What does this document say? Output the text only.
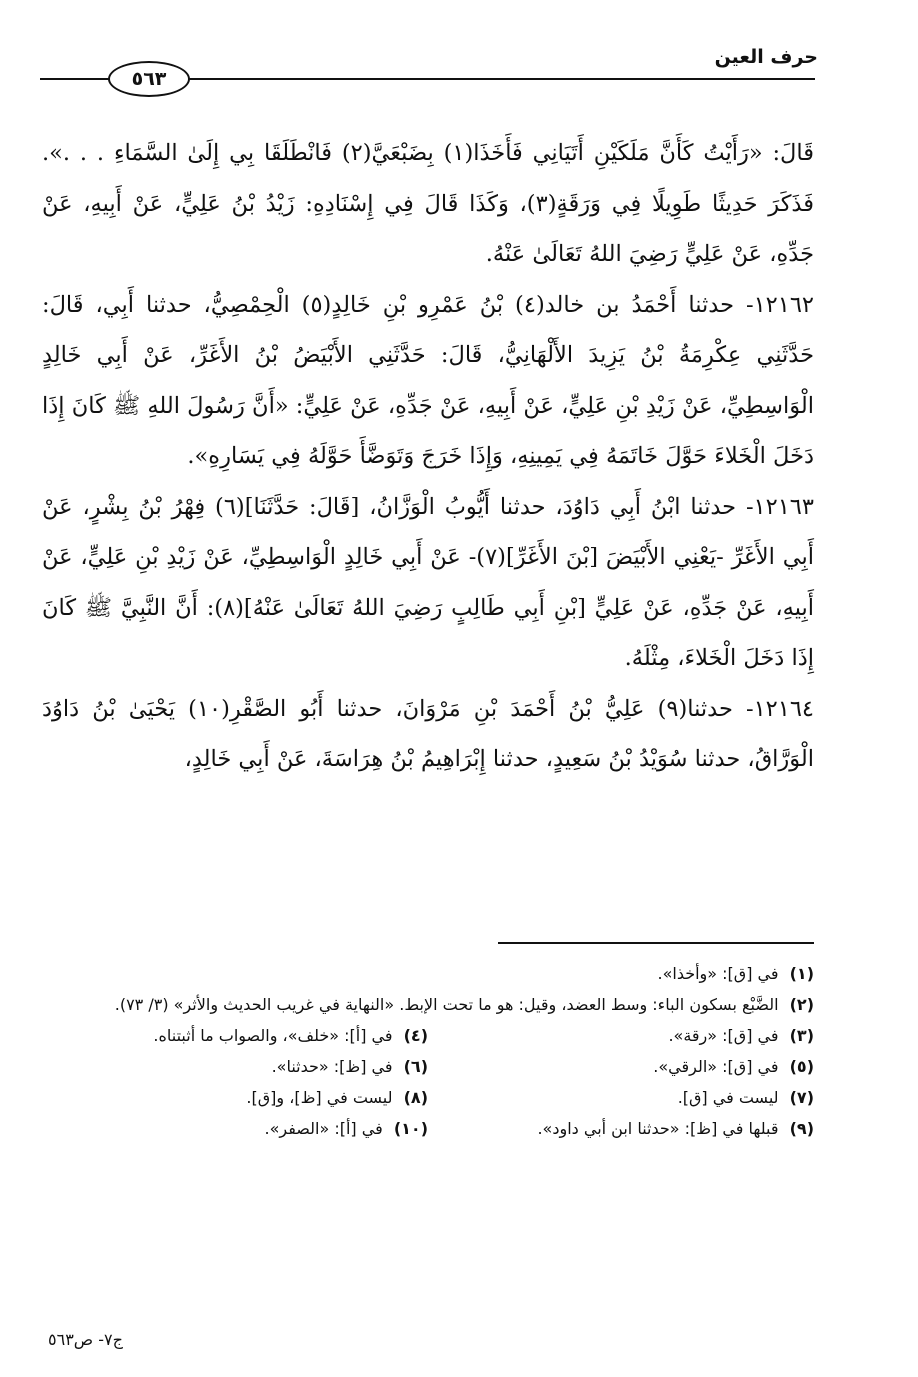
حرف العين
٥٦٣

قَالَ: «رَأَيْتُ كَأَنَّ مَلَكَيْنِ أَتَيَانِي فَأَخَذَا(١) بِضَبْعَيَّ(٢) فَانْطَلَقَا بِي إِلَىٰ السَّمَاءِ . . .». فَذَكَرَ حَدِيثًا طَوِيلًا فِي وَرَقَةٍ(٣)، وَكَذَا قَالَ فِي إِسْنَادِهِ: زَيْدُ بْنُ عَلِيٍّ، عَنْ أَبِيهِ، عَنْ جَدِّهِ، عَنْ عَلِيٍّ رَضِيَ اللهُ تَعَالَىٰ عَنْهُ.

١٢١٦٢- حدثنا أَحْمَدُ بن خالد(٤) بْنُ عَمْرِو بْنِ خَالِدٍ(٥) الْحِمْصِيُّ، حدثنا أَبِي، قَالَ: حَدَّثَنِي عِكْرِمَةُ بْنُ يَزِيدَ الأَلْهَانِيُّ، قَالَ: حَدَّثَنِي الأَبْيَضُ بْنُ الأَغَرِّ، عَنْ أَبِي خَالِدٍ الْوَاسِطِيِّ، عَنْ زَيْدِ بْنِ عَلِيٍّ، عَنْ أَبِيهِ، عَنْ جَدِّهِ، عَنْ عَلِيٍّ: «أَنَّ رَسُولَ اللهِ ﷺ كَانَ إِذَا دَخَلَ الْخَلاءَ حَوَّلَ خَاتَمَهُ فِي يَمِينِهِ، وَإِذَا خَرَجَ وَتَوَضَّأَ حَوَّلَهُ فِي يَسَارِهِ».

١٢١٦٣- حدثنا ابْنُ أَبِي دَاوُدَ، حدثنا أَيُّوبُ الْوَزَّانُ، [قَالَ: حَدَّثَنَا](٦) فِهْرُ بْنُ بِشْرٍ، عَنْ أَبِي الأَغَرِّ -يَعْنِي الأَبْيَضَ [بْنَ الأَغَرِّ](٧)- عَنْ أَبِي خَالِدٍ الْوَاسِطِيِّ، عَنْ زَيْدِ بْنِ عَلِيٍّ، عَنْ أَبِيهِ، عَنْ جَدِّهِ، عَنْ عَلِيٍّ [بْنِ أَبِي طَالِبٍ رَضِيَ اللهُ تَعَالَىٰ عَنْهُ](٨): أَنَّ النَّبِيَّ ﷺ كَانَ إِذَا دَخَلَ الْخَلاءَ، مِثْلَهُ.

١٢١٦٤- حدثنا(٩) عَلِيُّ بْنُ أَحْمَدَ بْنِ مَرْوَانَ، حدثنا أَبُو الصَّقْرِ(١٠) يَحْيَىٰ بْنُ دَاوُدَ الْوَرَّاقُ، حدثنا سُوَيْدُ بْنُ سَعِيدٍ، حدثنا إِبْرَاهِيمُ بْنُ هِرَاسَةَ، عَنْ أَبِي خَالِدٍ،

(١) في [ق]: «وأخذا».

(٢) الضَّبْع بسكون الباء: وسط العضد، وقيل: هو ما تحت الإبط. «النهاية في غريب الحديث والأثر» (٣/ ٧٣).

(٣) في [ق]: «رقة».
(٤) في [أ]: «خلف»، والصواب ما أثبتناه.
(٥) في [ق]: «الرقي».
(٦) في [ظ]: «حدثنا».
(٧) ليست في [ق].
(٨) ليست في [ظ]، و[ق].
(٩) قبلها في [ظ]: «حدثنا ابن أبي داود».
(١٠) في [أ]: «الصفر».
ج٧- ص٥٦٣
